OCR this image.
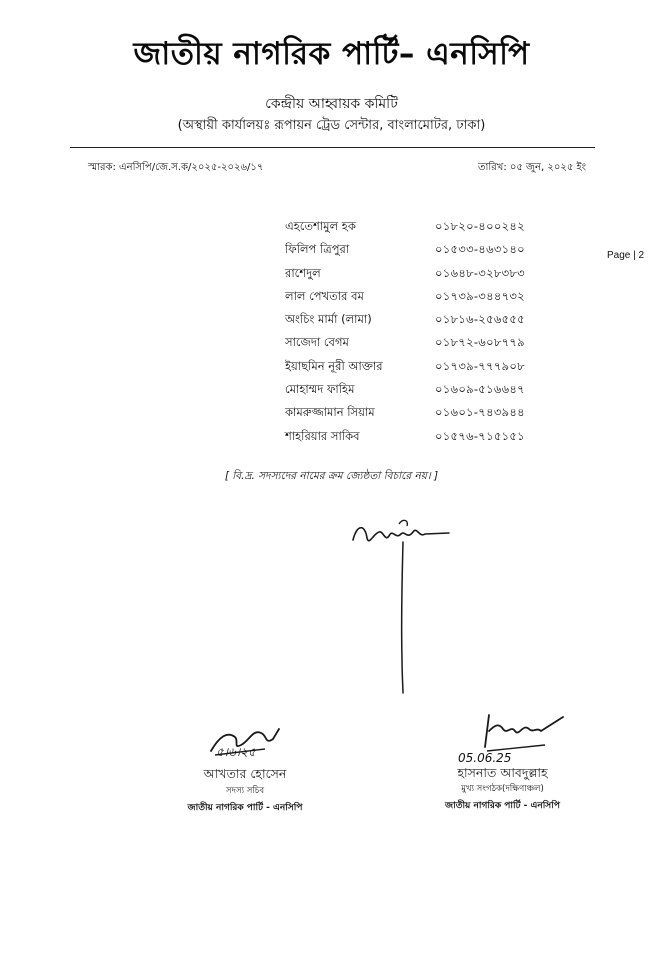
জাতীয় নাগরিক পার্টি– এনসিপি
কেন্দ্রীয় আহ্বায়ক কমিটি
(অস্থায়ী কার্যালয়ঃ রূপায়ন ট্রেড সেন্টার, বাংলামোটর, ঢাকা)
স্মারক: এনসিপি/জে.স.ক/২০২৫-২০২৬/১৭	তারিখ: ০৫ জুন, ২০২৫ ইং
Page | 2
এহতেশামুল হক	০১৮২০-৪০০২৪২
ফিলিপ ত্রিপুরা	০১৫৩৩-৪৬৩১৪০
রাশেদুল	০১৬৪৮-৩২৮৩৮৩
লাল পেখতার বম	০১৭৩৯-৩৪৪৭৩২
অংচিং মার্মা (লামা)	০১৮১৬-২৫৬৫৫৫
সাজেদা বেগম	০১৮৭২-৬০৮৭৭৯
ইয়াছমিন নূরী আক্তার	০১৭৩৯-৭৭৭৯০৮
মোহাম্মদ ফাহিম	০১৬০৯-৫১৬৬৪৭
কামরুজ্জামান সিয়াম	০১৬০১-৭৪৩৯৪৪
শাহরিয়ার সাকিব	০১৫৭৬-৭১৫১৫১
[ বি.দ্র. সদস্যদের নামের ক্রম জ্যেষ্ঠতা বিচারে নয়। ]
৫।৬।২৫	05.06.25
আখতার হোসেন
সদস্য সচিব
জাতীয় নাগরিক পার্টি - এনসিপি
হাসনাত আবদুল্লাহ
মুখ্য সংগঠক(দক্ষিণাঞ্চল)
জাতীয় নাগরিক পার্টি - এনসিপি
